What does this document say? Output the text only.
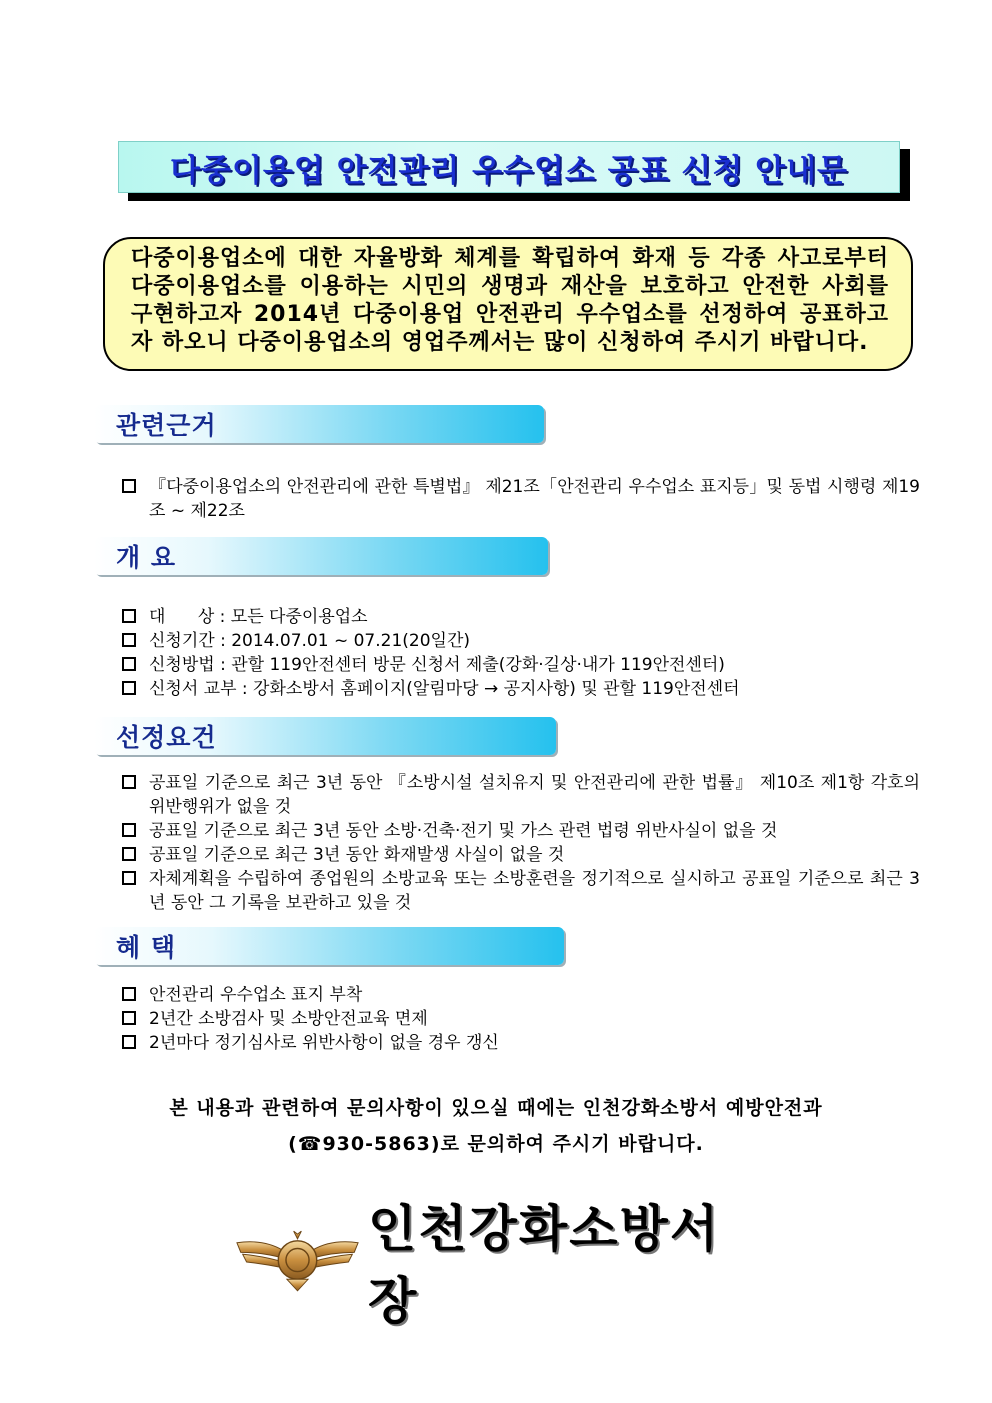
다중이용업 안전관리 우수업소 공표 신청 안내문

다중이용업소에 대한 자율방화 체계를 확립하여 화재 등 각종 사고로부터 다중이용업소를 이용하는 시민의 생명과 재산을 보호하고 안전한 사회를 구현하고자 2014년 다중이용업 안전관리 우수업소를 선정하여 공표하고자 하오니 다중이용업소의 영업주께서는 많이 신청하여 주시기 바랍니다.

관련근거
『다중이용업소의 안전관리에 관한 특별법』 제21조「안전관리 우수업소 표지등」및 동법 시행령 제19조 ~ 제22조
개 요
대      상 : 모든 다중이용업소
신청기간 : 2014.07.01 ~ 07.21(20일간)
신청방법 : 관할 119안전센터 방문 신청서 제출(강화·길상·내가 119안전센터)
신청서 교부 : 강화소방서 홈페이지(알림마당 → 공지사항) 및 관할 119안전센터
선정요건
공표일 기준으로 최근 3년 동안 『소방시설 설치유지 및 안전관리에 관한 법률』 제10조 제1항 각호의 위반행위가 없을 것
공표일 기준으로 최근 3년 동안 소방·건축·전기 및 가스 관련 법령 위반사실이 없을 것
공표일 기준으로 최근 3년 동안 화재발생 사실이 없을 것
자체계획을 수립하여 종업원의 소방교육 또는 소방훈련을 정기적으로 실시하고 공표일 기준으로 최근 3년 동안 그 기록을 보관하고 있을 것
혜 택
안전관리 우수업소 표지 부착
2년간 소방검사 및 소방안전교육 면제
2년마다 정기심사로 위반사항이 없을 경우 갱신
본 내용과 관련하여 문의사항이 있으실 때에는 인천강화소방서 예방안전과
(☎930-5863)로 문의하여 주시기 바랍니다.
인천강화소방서장
